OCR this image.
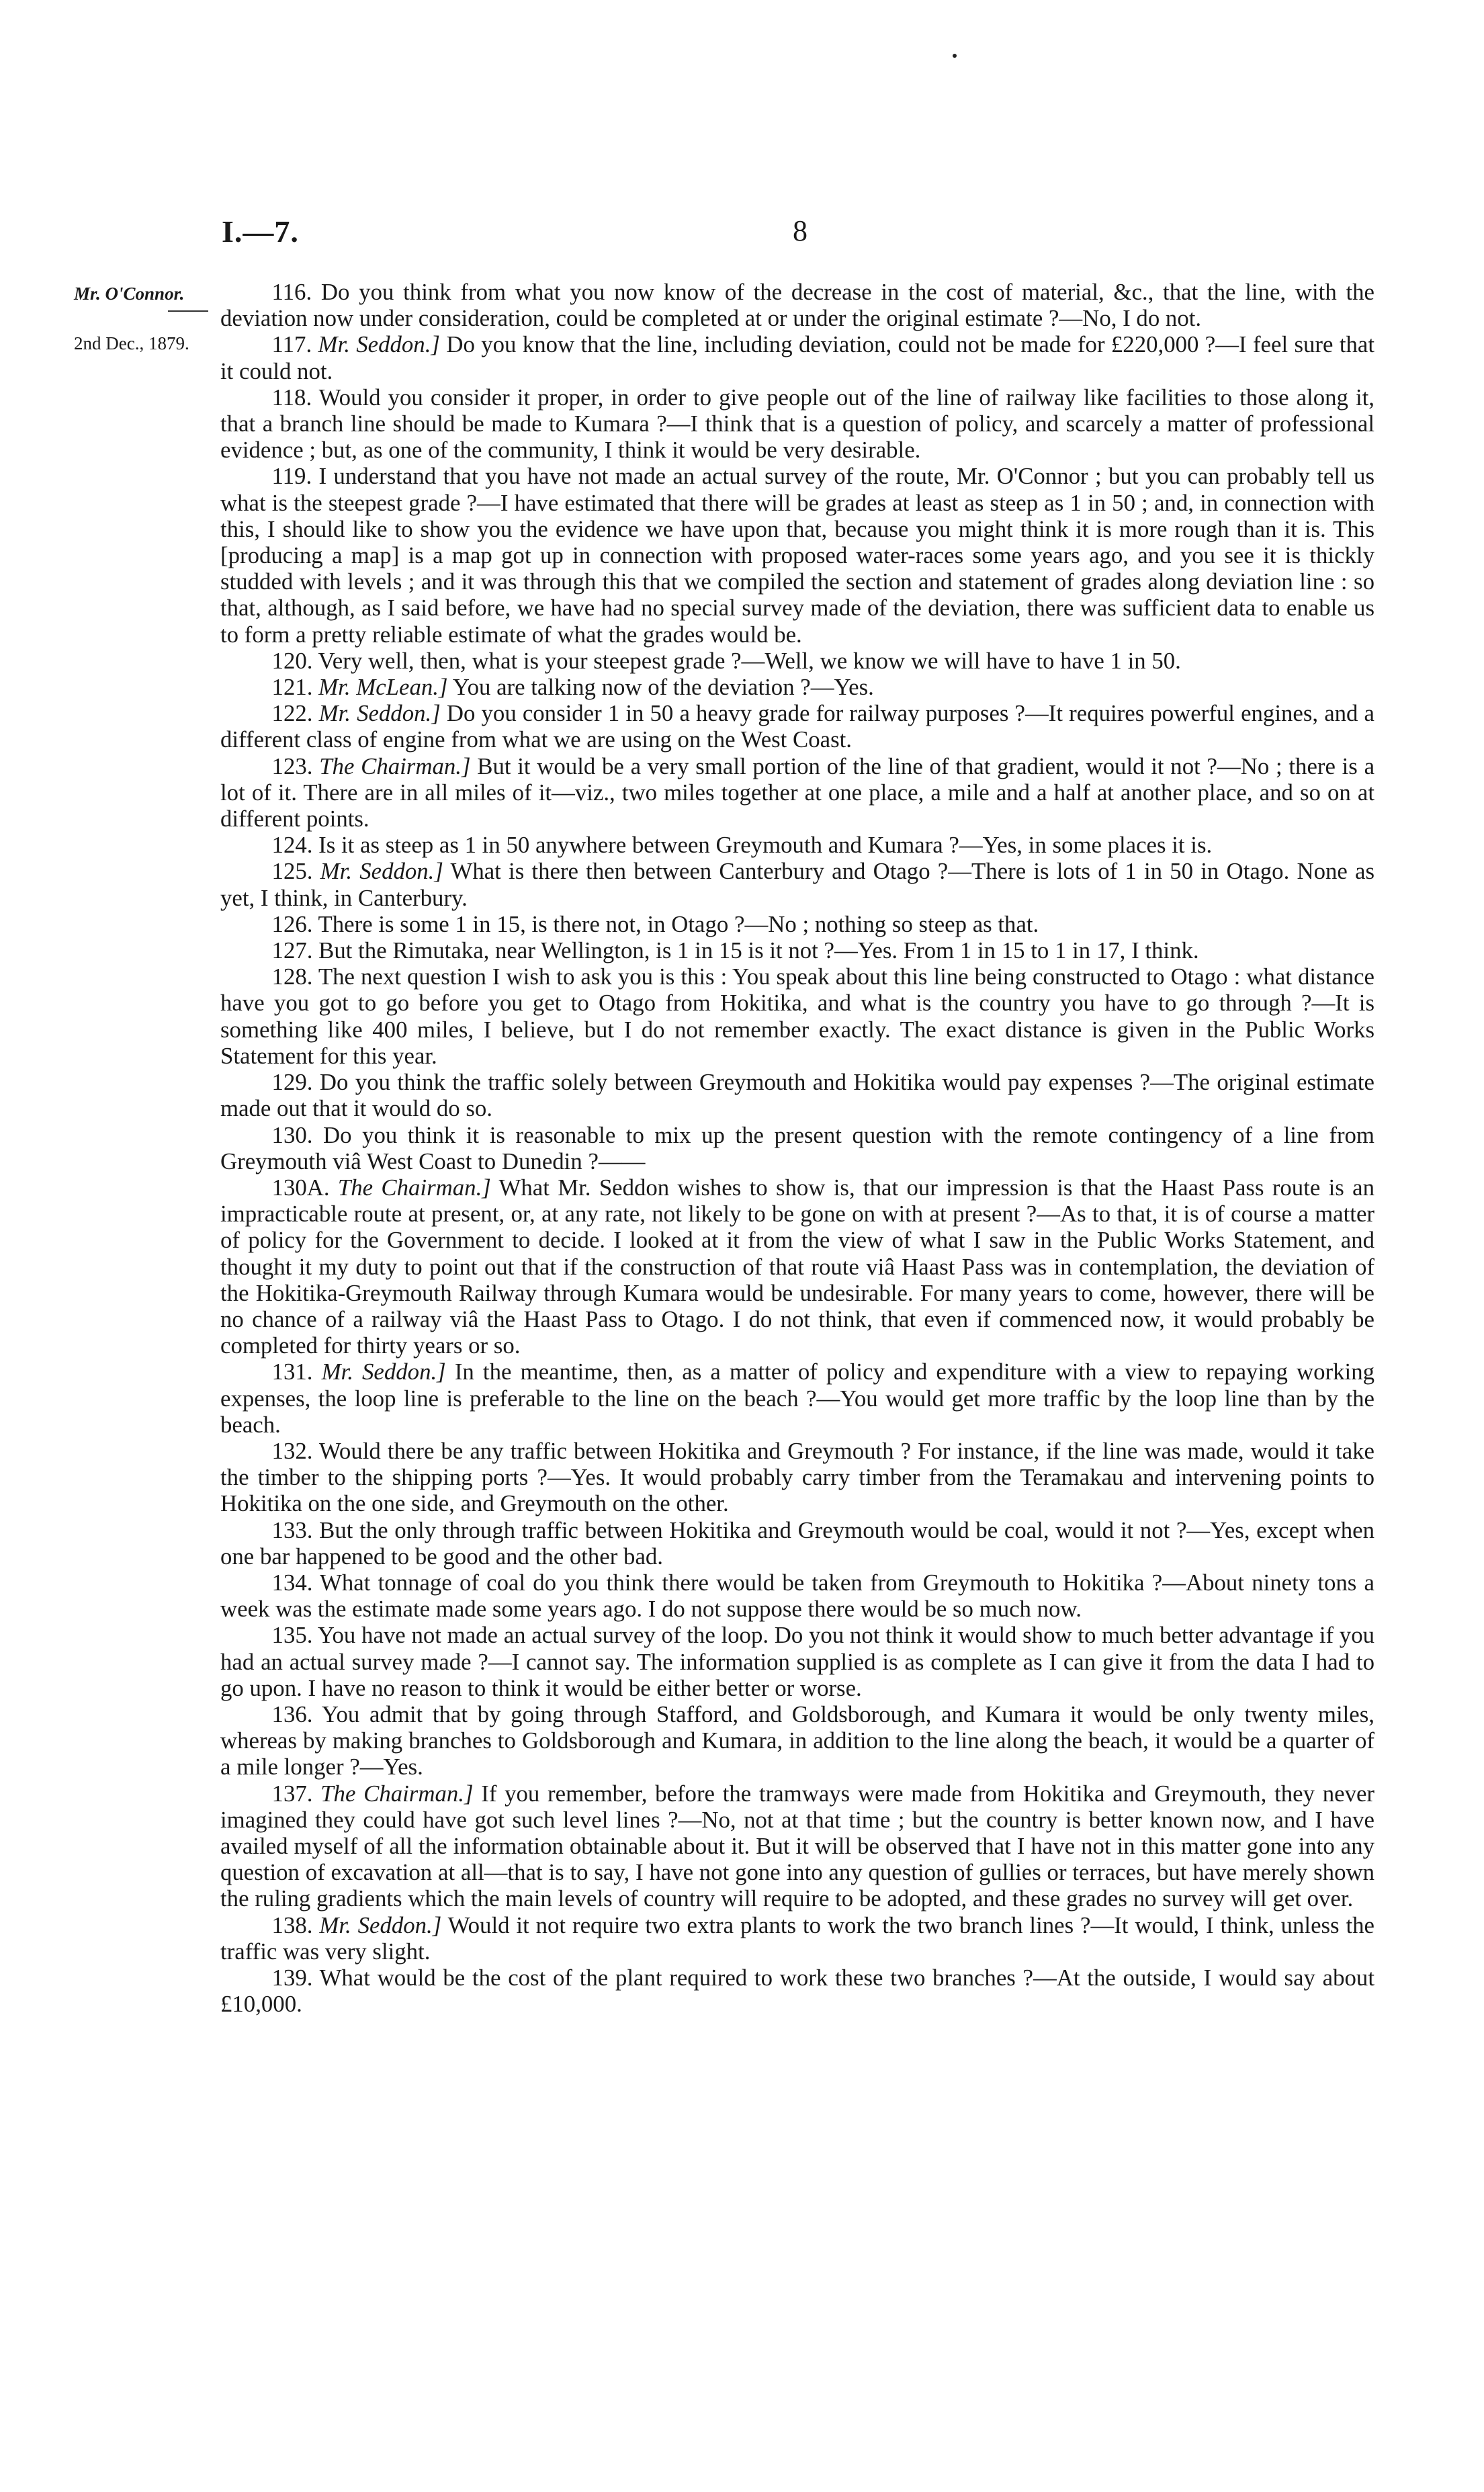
I.—7.	8
Mr. O'Connor.
2nd Dec., 1879.

116. Do you think from what you now know of the decrease in the cost of material, &c., that the line, with the deviation now under consideration, could be completed at or under the original estimate ?—No, I do not.

117. Mr. Seddon.] Do you know that the line, including deviation, could not be made for £220,000 ?—I feel sure that it could not.

118. Would you consider it proper, in order to give people out of the line of railway like facilities to those along it, that a branch line should be made to Kumara ?—I think that is a question of policy, and scarcely a matter of professional evidence ; but, as one of the community, I think it would be very desirable.

119. I understand that you have not made an actual survey of the route, Mr. O'Connor ; but you can probably tell us what is the steepest grade ?—I have estimated that there will be grades at least as steep as 1 in 50 ; and, in connection with this, I should like to show you the evidence we have upon that, because you might think it is more rough than it is. This [producing a map] is a map got up in connection with proposed water-races some years ago, and you see it is thickly studded with levels ; and it was through this that we compiled the section and statement of grades along deviation line : so that, although, as I said before, we have had no special survey made of the deviation, there was sufficient data to enable us to form a pretty reliable estimate of what the grades would be.

120. Very well, then, what is your steepest grade ?—Well, we know we will have to have 1 in 50.

121. Mr. McLean.] You are talking now of the deviation ?—Yes.

122. Mr. Seddon.] Do you consider 1 in 50 a heavy grade for railway purposes ?—It requires powerful engines, and a different class of engine from what we are using on the West Coast.

123. The Chairman.] But it would be a very small portion of the line of that gradient, would it not ?—No ; there is a lot of it. There are in all miles of it—viz., two miles together at one place, a mile and a half at another place, and so on at different points.

124. Is it as steep as 1 in 50 anywhere between Greymouth and Kumara ?—Yes, in some places it is.

125. Mr. Seddon.] What is there then between Canterbury and Otago ?—There is lots of 1 in 50 in Otago. None as yet, I think, in Canterbury.

126. There is some 1 in 15, is there not, in Otago ?—No ; nothing so steep as that.

127. But the Rimutaka, near Wellington, is 1 in 15 is it not ?—Yes. From 1 in 15 to 1 in 17, I think.

128. The next question I wish to ask you is this : You speak about this line being constructed to Otago : what distance have you got to go before you get to Otago from Hokitika, and what is the country you have to go through ?—It is something like 400 miles, I believe, but I do not remember exactly. The exact distance is given in the Public Works Statement for this year.

129. Do you think the traffic solely between Greymouth and Hokitika would pay expenses ?—The original estimate made out that it would do so.

130. Do you think it is reasonable to mix up the present question with the remote contingency of a line from Greymouth viâ West Coast to Dunedin ?——

130A. The Chairman.] What Mr. Seddon wishes to show is, that our impression is that the Haast Pass route is an impracticable route at present, or, at any rate, not likely to be gone on with at present ?—As to that, it is of course a matter of policy for the Government to decide. I looked at it from the view of what I saw in the Public Works Statement, and thought it my duty to point out that if the construction of that route viâ Haast Pass was in contemplation, the deviation of the Hokitika-Greymouth Railway through Kumara would be undesirable. For many years to come, however, there will be no chance of a railway viâ the Haast Pass to Otago. I do not think, that even if commenced now, it would probably be completed for thirty years or so.

131. Mr. Seddon.] In the meantime, then, as a matter of policy and expenditure with a view to repaying working expenses, the loop line is preferable to the line on the beach ?—You would get more traffic by the loop line than by the beach.

132. Would there be any traffic between Hokitika and Greymouth ? For instance, if the line was made, would it take the timber to the shipping ports ?—Yes. It would probably carry timber from the Teramakau and intervening points to Hokitika on the one side, and Greymouth on the other.

133. But the only through traffic between Hokitika and Greymouth would be coal, would it not ?—Yes, except when one bar happened to be good and the other bad.

134. What tonnage of coal do you think there would be taken from Greymouth to Hokitika ?—About ninety tons a week was the estimate made some years ago. I do not suppose there would be so much now.

135. You have not made an actual survey of the loop. Do you not think it would show to much better advantage if you had an actual survey made ?—I cannot say. The information supplied is as complete as I can give it from the data I had to go upon. I have no reason to think it would be either better or worse.

136. You admit that by going through Stafford, and Goldsborough, and Kumara it would be only twenty miles, whereas by making branches to Goldsborough and Kumara, in addition to the line along the beach, it would be a quarter of a mile longer ?—Yes.

137. The Chairman.] If you remember, before the tramways were made from Hokitika and Greymouth, they never imagined they could have got such level lines ?—No, not at that time ; but the country is better known now, and I have availed myself of all the information obtainable about it. But it will be observed that I have not in this matter gone into any question of excavation at all—that is to say, I have not gone into any question of gullies or terraces, but have merely shown the ruling gradients which the main levels of country will require to be adopted, and these grades no survey will get over.

138. Mr. Seddon.] Would it not require two extra plants to work the two branch lines ?—It would, I think, unless the traffic was very slight.

139. What would be the cost of the plant required to work these two branches ?—At the outside, I would say about £10,000.
